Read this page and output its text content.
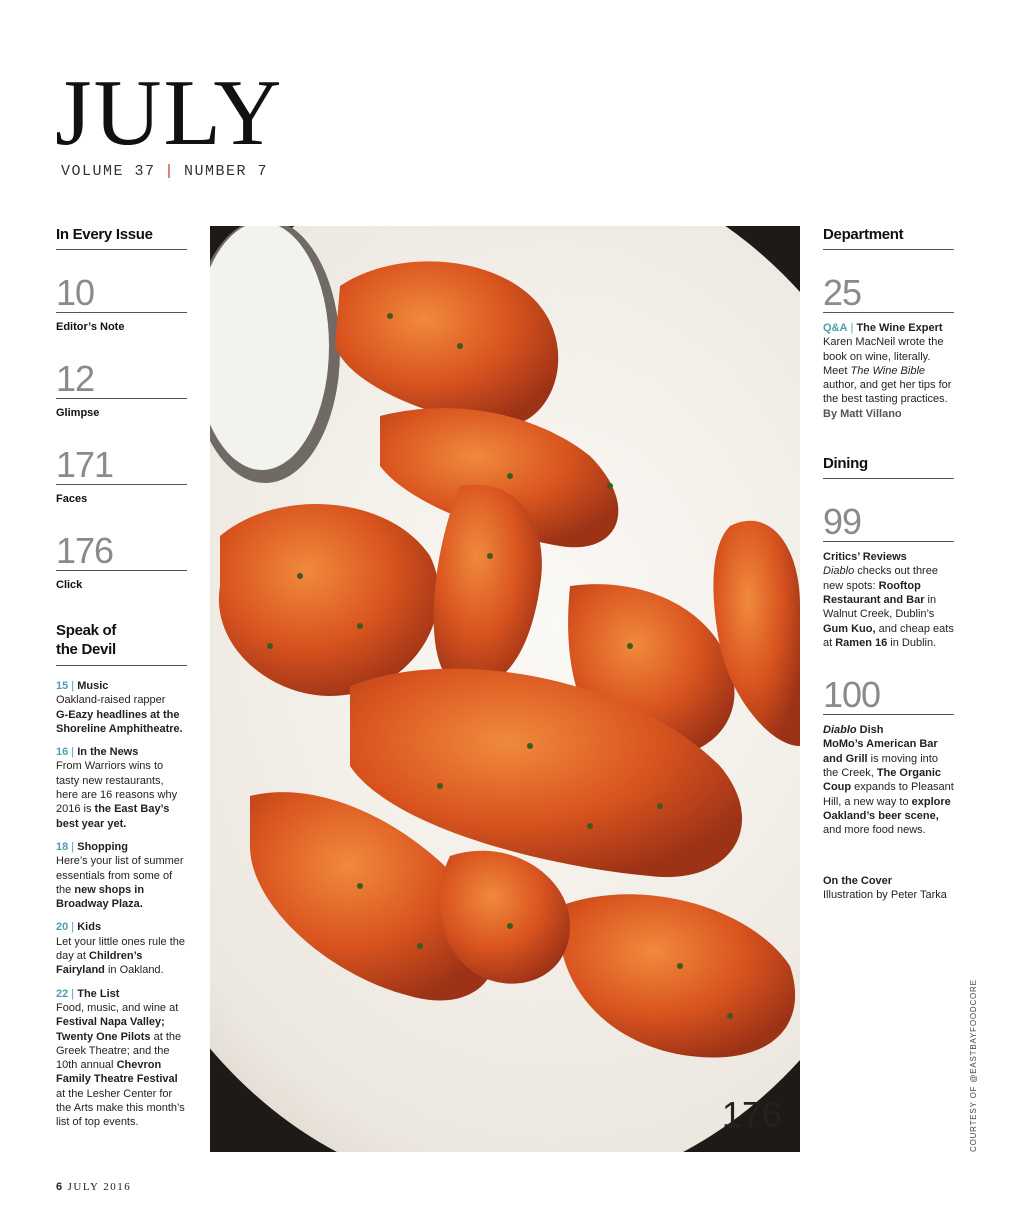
JULY
VOLUME 37 | NUMBER 7
In Every Issue
10
Editor’s Note
12
Glimpse
171
Faces
176
Click
Speak of
the Devil
15 | Music
Oakland-raised rapper
G-Eazy headlines at the Shoreline Amphitheatre.
16 | In the News
From Warriors wins to tasty new restaurants, here are 16 reasons why 2016 is the East Bay’s best year yet.
18 | Shopping
Here’s your list of summer essentials from some of the new shops in Broadway Plaza.
20 | Kids
Let your little ones rule the day at Children’s Fairyland in Oakland.
22 | The List
Food, music, and wine at Festival Napa Valley; Twenty One Pilots at the Greek Theatre; and the 10th annual Chevron Family Theatre Festival at the Lesher Center for the Arts make this month’s list of top events.	176
Department
25
Q&A | The Wine Expert
Karen MacNeil wrote the book on wine, literally. Meet The Wine Bible author, and get her tips for the best tasting practices. By Matt Villano
Dining
99
Critics’ Reviews
Diablo checks out three new spots: Rooftop Restaurant and Bar in Walnut Creek, Dublin’s Gum Kuo, and cheap eats at Ramen 16 in Dublin.
100
Diablo Dish
MoMo’s American Bar and Grill is moving into the Creek, The Organic Coup expands to Pleasant Hill, a new way to explore Oakland’s beer scene, and more food news.
On the Cover
Illustration by Peter Tarka
COURTESY OF @EASTBAYFOODCORE
6 JULY 2016
